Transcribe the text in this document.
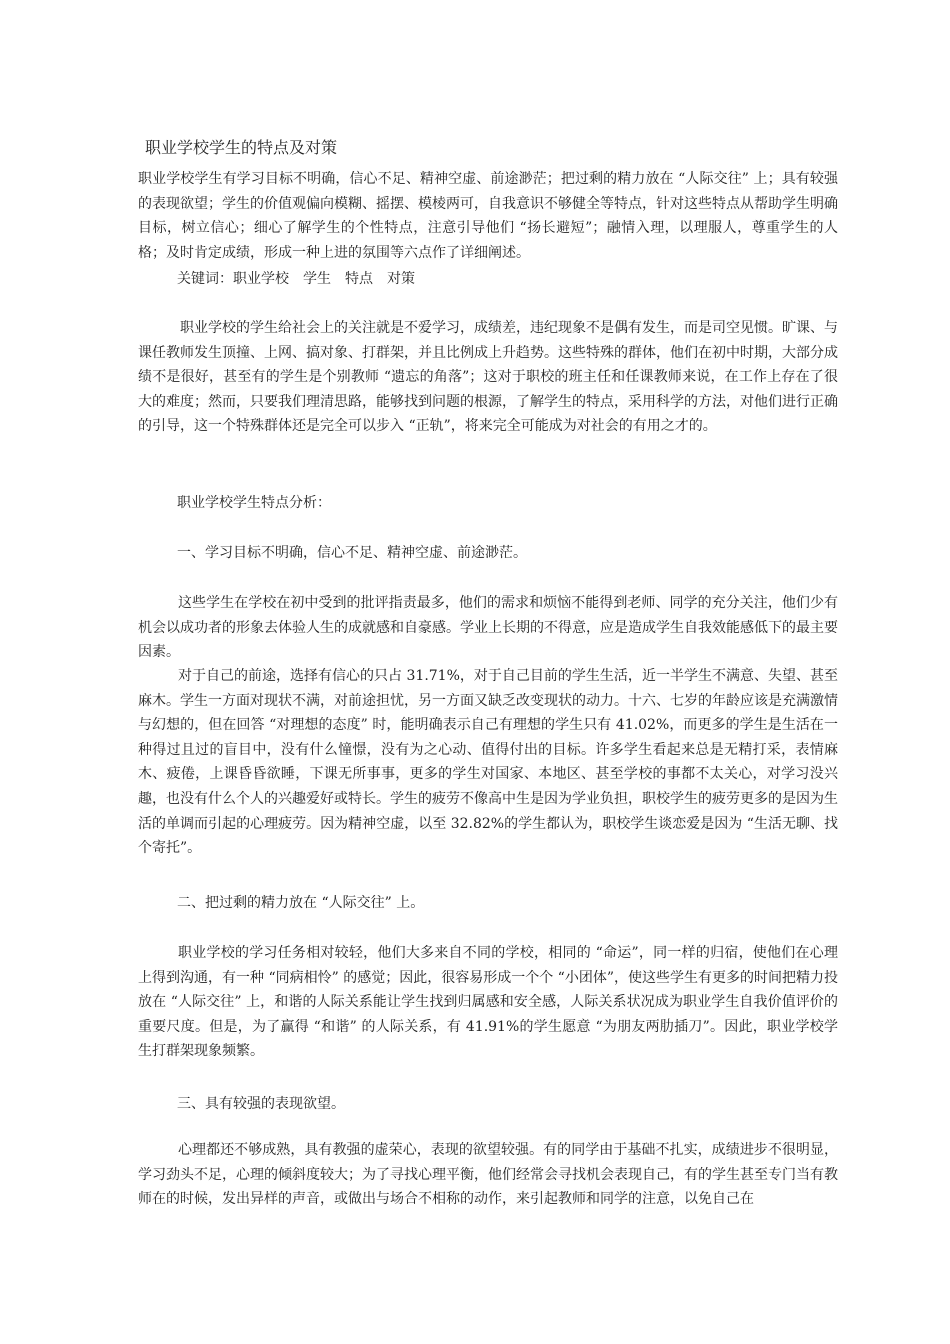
职业学校学生的特点及对策
职业学校学生有学习目标不明确，信心不足、精神空虚、前途渺茫；把过剩的精力放在 “人际交往” 上；具有较强的表现欲望；学生的价值观偏向模糊、摇摆、模棱两可，自我意识不够健全等特点，针对这些特点从帮助学生明确目标，树立信心；细心了解学生的个性特点，注意引导他们 “扬长避短”；融情入理，以理服人，尊重学生的人格；及时肯定成绩，形成一种上进的氛围等六点作了详细阐述。
关键词：职业学校　学生　特点　对策
职业学校的学生给社会上的关注就是不爱学习，成绩差，违纪现象不是偶有发生，而是司空见惯。旷课、与课任教师发生顶撞、上网、搞对象、打群架，并且比例成上升趋势。这些特殊的群体，他们在初中时期，大部分成绩不是很好，甚至有的学生是个别教师 “遗忘的角落”；这对于职校的班主任和任课教师来说，在工作上存在了很大的难度；然而，只要我们理清思路，能够找到问题的根源，了解学生的特点，采用科学的方法，对他们进行正确的引导，这一个特殊群体还是完全可以步入 “正轨”，将来完全可能成为对社会的有用之才的。
职业学校学生特点分析：
一、学习目标不明确，信心不足、精神空虚、前途渺茫。
这些学生在学校在初中受到的批评指责最多，他们的需求和烦恼不能得到老师、同学的充分关注，他们少有机会以成功者的形象去体验人生的成就感和自豪感。学业上长期的不得意，应是造成学生自我效能感低下的最主要因素。
对于自己的前途，选择有信心的只占 31.71%，对于自己目前的学生生活，近一半学生不满意、失望、甚至麻木。学生一方面对现状不满，对前途担忧，另一方面又缺乏改变现状的动力。十六、七岁的年龄应该是充满激情与幻想的，但在回答 “对理想的态度” 时，能明确表示自己有理想的学生只有 41.02%，而更多的学生是生活在一种得过且过的盲目中，没有什么憧憬，没有为之心动、值得付出的目标。许多学生看起来总是无精打采，表情麻木、疲倦，上课昏昏欲睡，下课无所事事，更多的学生对国家、本地区、甚至学校的事都不太关心，对学习没兴趣，也没有什么个人的兴趣爱好或特长。学生的疲劳不像高中生是因为学业负担，职校学生的疲劳更多的是因为生活的单调而引起的心理疲劳。因为精神空虚，以至 32.82%的学生都认为，职校学生谈恋爱是因为 “生活无聊、找个寄托”。
二、把过剩的精力放在 “人际交往” 上。
职业学校的学习任务相对较轻，他们大多来自不同的学校，相同的 “命运”，同一样的归宿，使他们在心理上得到沟通，有一种 “同病相怜” 的感觉；因此，很容易形成一个个 “小团体”，使这些学生有更多的时间把精力投放在 “人际交往” 上，和谐的人际关系能让学生找到归属感和安全感，人际关系状况成为职业学生自我价值评价的重要尺度。但是，为了赢得 “和谐” 的人际关系，有 41.91%的学生愿意 “为朋友两肋插刀”。因此，职业学校学生打群架现象频繁。
三、具有较强的表现欲望。
心理都还不够成熟，具有教强的虚荣心，表现的欲望较强。有的同学由于基础不扎实，成绩进步不很明显，学习劲头不足，心理的倾斜度较大；为了寻找心理平衡，他们经常会寻找机会表现自己，有的学生甚至专门当有教师在的时候，发出异样的声音，或做出与场合不相称的动作，来引起教师和同学的注意，以免自己在
